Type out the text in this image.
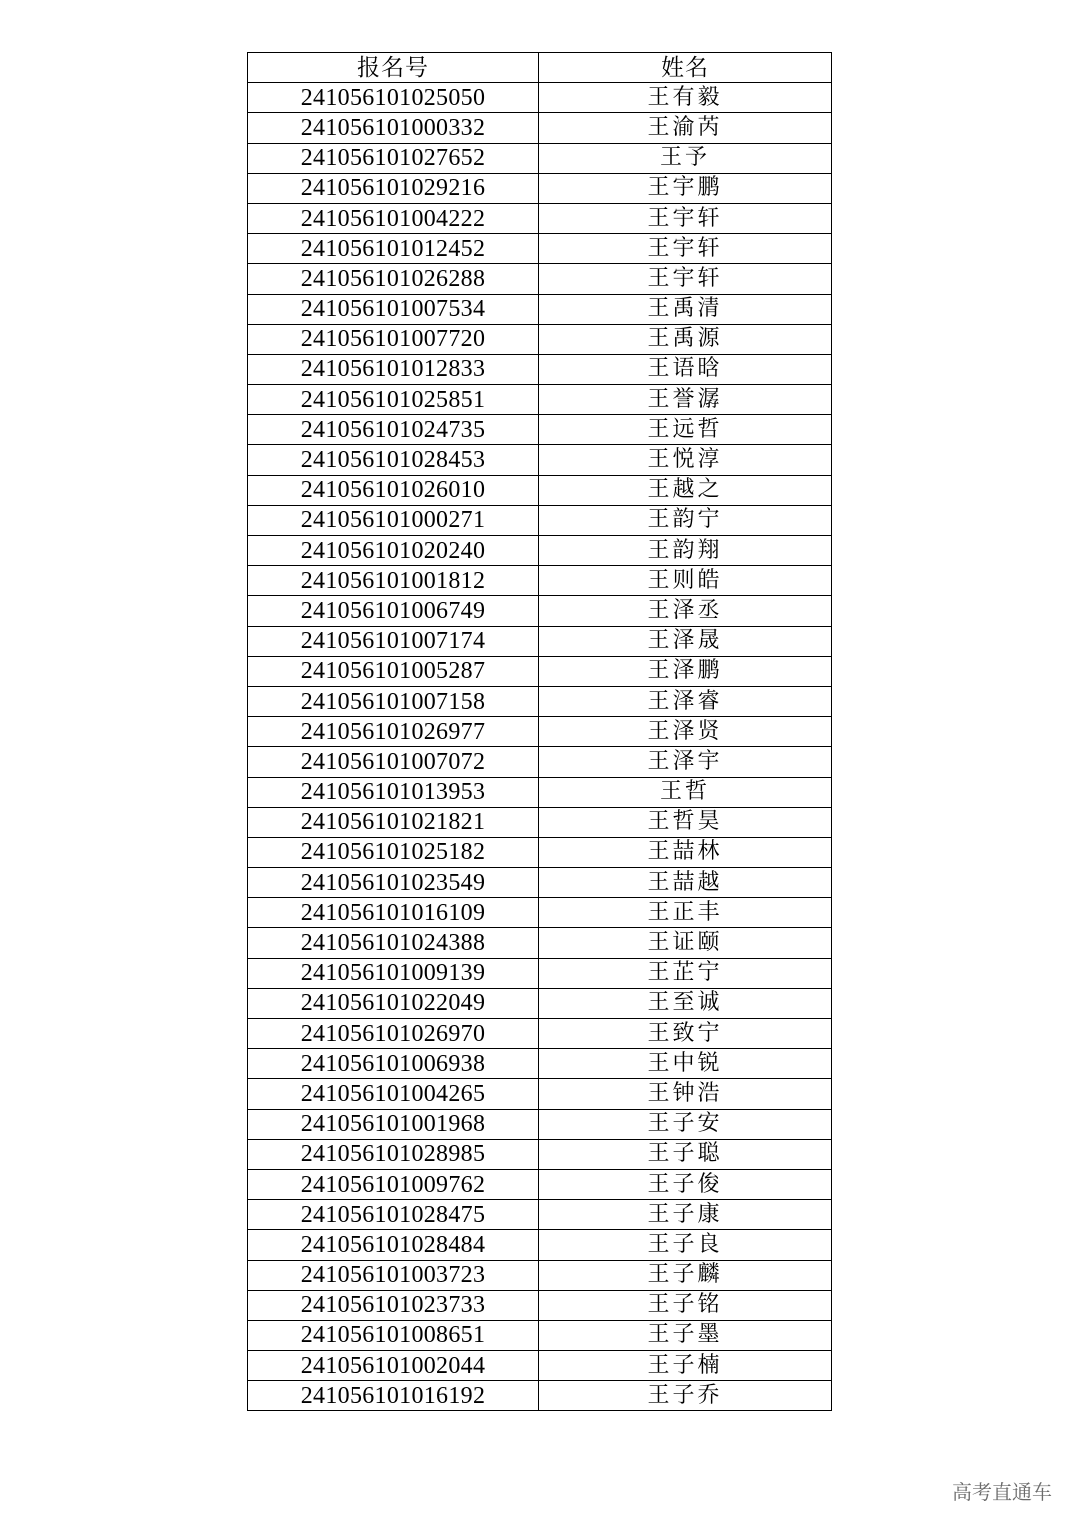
报名号	姓名
241056101025050	王有毅
241056101000332	王渝芮
241056101027652	王予
241056101029216	王宇鹏
241056101004222	王宇轩
241056101012452	王宇轩
241056101026288	王宇轩
241056101007534	王禹清
241056101007720	王禹源
241056101012833	王语晗
241056101025851	王誉潺
241056101024735	王远哲
241056101028453	王悦淳
241056101026010	王越之
241056101000271	王韵宁
241056101020240	王韵翔
241056101001812	王则皓
241056101006749	王泽丞
241056101007174	王泽晟
241056101005287	王泽鹏
241056101007158	王泽睿
241056101026977	王泽贤
241056101007072	王泽宇
241056101013953	王哲
241056101021821	王哲昊
241056101025182	王喆林
241056101023549	王喆越
241056101016109	王正丰
241056101024388	王证颐
241056101009139	王芷宁
241056101022049	王至诚
241056101026970	王致宁
241056101006938	王中锐
241056101004265	王钟浩
241056101001968	王子安
241056101028985	王子聪
241056101009762	王子俊
241056101028475	王子康
241056101028484	王子良
241056101003723	王子麟
241056101023733	王子铭
241056101008651	王子墨
241056101002044	王子楠
241056101016192	王子乔
高考直通车
